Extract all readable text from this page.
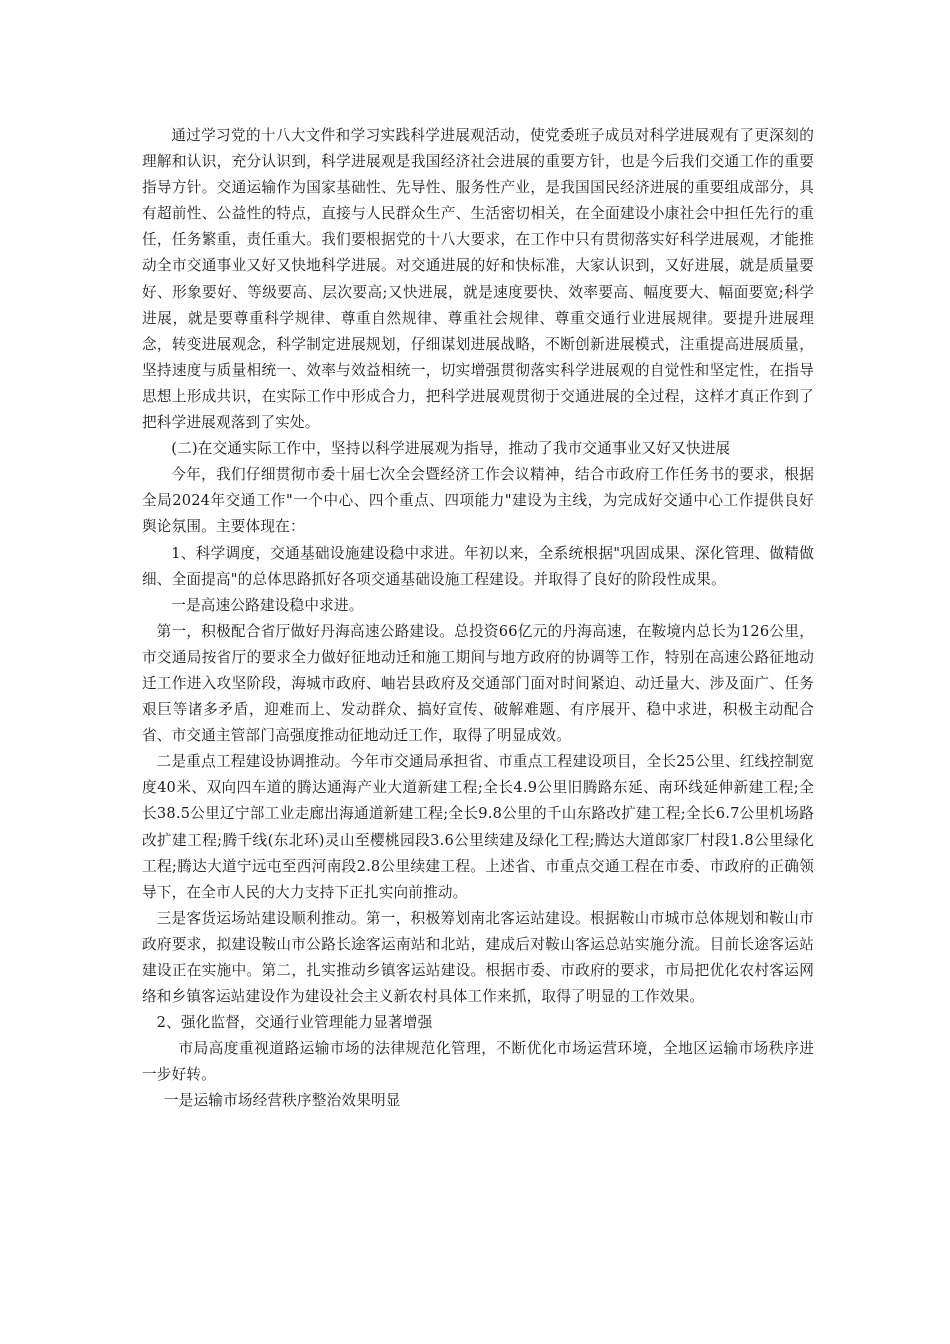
通过学习党的十八大文件和学习实践科学进展观活动，使党委班子成员对科学进展观有了更深刻的理解和认识，充分认识到，科学进展观是我国经济社会进展的重要方针，也是今后我们交通工作的重要指导方针。交通运输作为国家基础性、先导性、服务性产业，是我国国民经济进展的重要组成部分，具有超前性、公益性的特点，直接与人民群众生产、生活密切相关，在全面建设小康社会中担任先行的重任，任务繁重，责任重大。我们要根据党的十八大要求，在工作中只有贯彻落实好科学进展观，才能推动全市交通事业又好又快地科学进展。对交通进展的好和快标准，大家认识到，又好进展，就是质量要好、形象要好、等级要高、层次要高;又快进展，就是速度要快、效率要高、幅度要大、幅面要宽;科学进展，就是要尊重科学规律、尊重自然规律、尊重社会规律、尊重交通行业进展规律。要提升进展理念，转变进展观念，科学制定进展规划，仔细谋划进展战略，不断创新进展模式，注重提高进展质量，坚持速度与质量相统一、效率与效益相统一，切实增强贯彻落实科学进展观的自觉性和坚定性，在指导思想上形成共识，在实际工作中形成合力，把科学进展观贯彻于交通进展的全过程，这样才真正作到了把科学进展观落到了实处。

(二)在交通实际工作中，坚持以科学进展观为指导，推动了我市交通事业又好又快进展

今年，我们仔细贯彻市委十届七次全会暨经济工作会议精神，结合市政府工作任务书的要求，根据全局2024年交通工作"一个中心、四个重点、四项能力"建设为主线，为完成好交通中心工作提供良好舆论氛围。主要体现在：

1、科学调度，交通基础设施建设稳中求进。年初以来，全系统根据"巩固成果、深化管理、做精做细、全面提高"的总体思路抓好各项交通基础设施工程建设。并取得了良好的阶段性成果。

一是高速公路建设稳中求进。

第一，积极配合省厅做好丹海高速公路建设。总投资66亿元的丹海高速，在鞍境内总长为126公里，市交通局按省厅的要求全力做好征地动迁和施工期间与地方政府的协调等工作，特别在高速公路征地动迁工作进入攻坚阶段，海城市政府、岫岩县政府及交通部门面对时间紧迫、动迁量大、涉及面广、任务艰巨等诸多矛盾，迎难而上、发动群众、搞好宣传、破解难题、有序展开、稳中求进，积极主动配合省、市交通主管部门高强度推动征地动迁工作，取得了明显成效。

二是重点工程建设协调推动。今年市交通局承担省、市重点工程建设项目，全长25公里、红线控制宽度40米、双向四车道的腾达通海产业大道新建工程;全长4.9公里旧腾路东延、南环线延伸新建工程;全长38.5公里辽宁部工业走廊出海通道新建工程;全长9.8公里的千山东路改扩建工程;全长6.7公里机场路改扩建工程;腾千线(东北环)灵山至樱桃园段3.6公里续建及绿化工程;腾达大道郎家厂村段1.8公里绿化工程;腾达大道宁远屯至西河南段2.8公里续建工程。上述省、市重点交通工程在市委、市政府的正确领导下，在全市人民的大力支持下正扎实向前推动。

三是客货运场站建设顺利推动。第一，积极筹划南北客运站建设。根据鞍山市城市总体规划和鞍山市政府要求，拟建设鞍山市公路长途客运南站和北站，建成后对鞍山客运总站实施分流。目前长途客运站建设正在实施中。第二，扎实推动乡镇客运站建设。根据市委、市政府的要求，市局把优化农村客运网络和乡镇客运站建设作为建设社会主义新农村具体工作来抓，取得了明显的工作效果。

2、强化监督，交通行业管理能力显著增强

市局高度重视道路运输市场的法律规范化管理，不断优化市场运营环境，全地区运输市场秩序进一步好转。

一是运输市场经营秩序整治效果明显
